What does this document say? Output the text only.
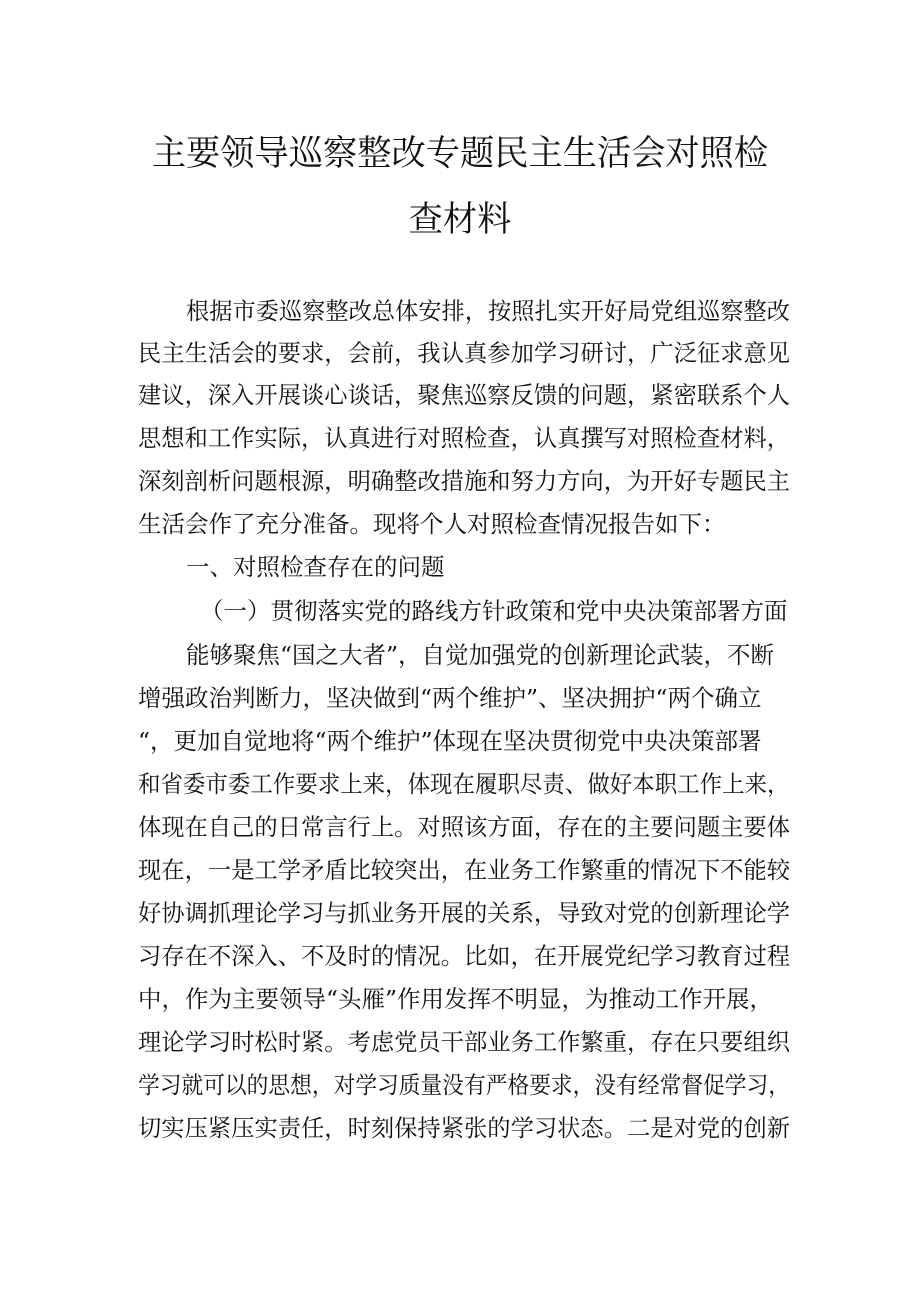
主要领导巡察整改专题民主生活会对照检
查材料
根据市委巡察整改总体安排，按照扎实开好局党组巡察整改
民主生活会的要求，会前，我认真参加学习研讨，广泛征求意见
建议，深入开展谈心谈话，聚焦巡察反馈的问题，紧密联系个人
思想和工作实际，认真进行对照检查，认真撰写对照检查材料，
深刻剖析问题根源，明确整改措施和努力方向，为开好专题民主
生活会作了充分准备。现将个人对照检查情况报告如下：
一、对照检查存在的问题
（一）贯彻落实党的路线方针政策和党中央决策部署方面
能够聚焦“国之大者”，自觉加强党的创新理论武装，不断
增强政治判断力，坚决做到“两个维护”、坚决拥护“两个确立
“，更加自觉地将“两个维护”体现在坚决贯彻党中央决策部署
和省委市委工作要求上来，体现在履职尽责、做好本职工作上来，
体现在自己的日常言行上。对照该方面，存在的主要问题主要体
现在，一是工学矛盾比较突出，在业务工作繁重的情况下不能较
好协调抓理论学习与抓业务开展的关系，导致对党的创新理论学
习存在不深入、不及时的情况。比如，在开展党纪学习教育过程
中，作为主要领导“头雁”作用发挥不明显，为推动工作开展，
理论学习时松时紧。考虑党员干部业务工作繁重，存在只要组织
学习就可以的思想，对学习质量没有严格要求，没有经常督促学习，
切实压紧压实责任，时刻保持紧张的学习状态。二是对党的创新
